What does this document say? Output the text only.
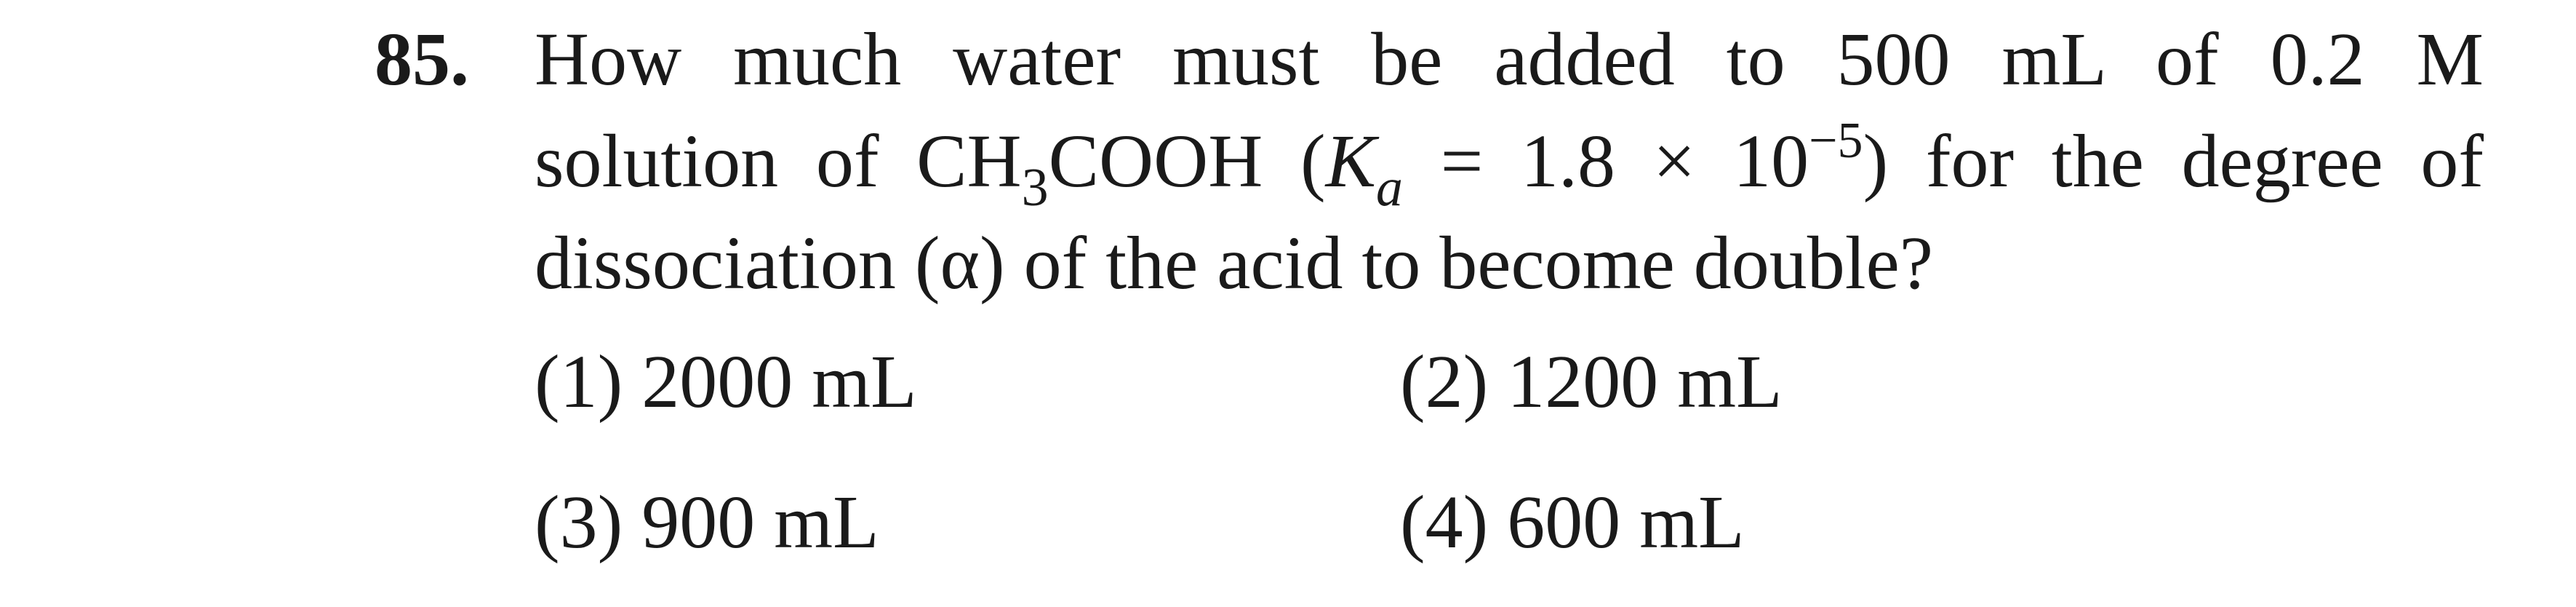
85. How much water must be added to 500 mL of 0.2 M
solution of $CH_3COOH$ $(K_a = 1.8 \times 10^{-5})$ for the degree of
dissociation (α) of the acid to become double?
(1) 2000 mL	(2) 1200 mL
(3) 900 mL	(4) 600 mL
